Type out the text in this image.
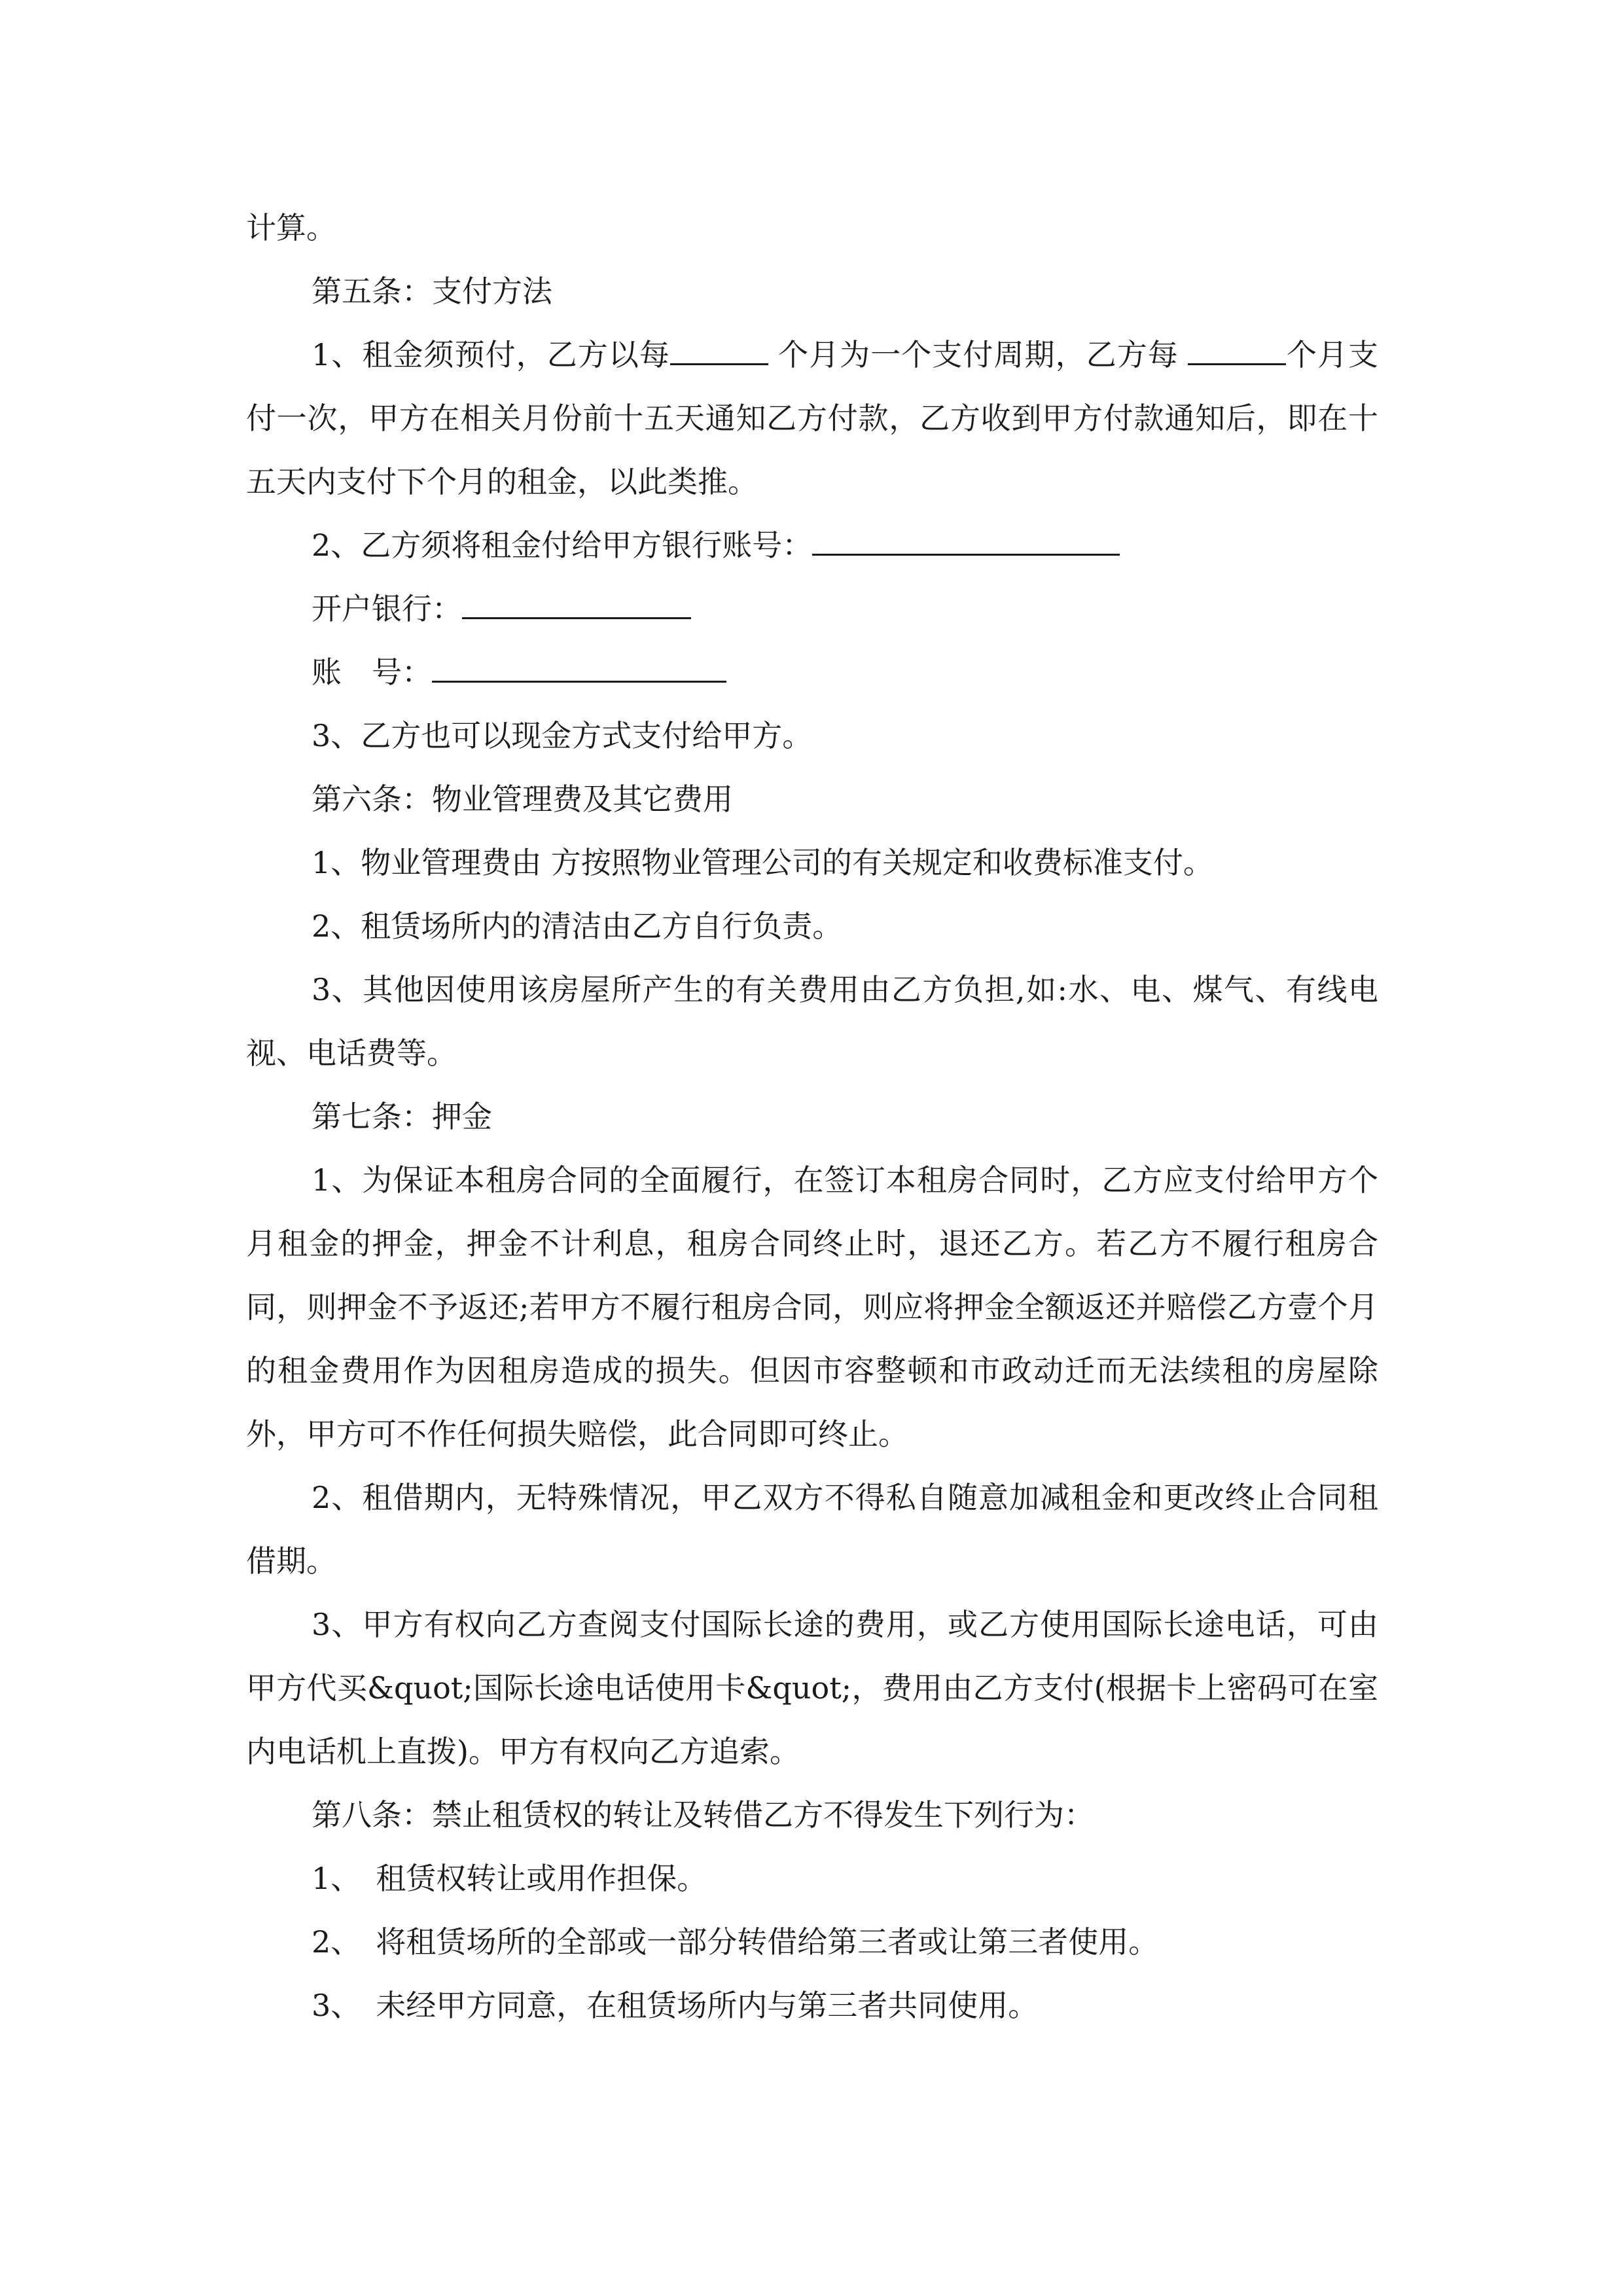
计算。

第五条：支付方法

1、租金须预付，乙方以每	个月为一个支付周期，乙方每	个月支付一次，甲方在相关月份前十五天通知乙方付款，乙方收到甲方付款通知后，即在十五天内支付下个月的租金，以此类推。

2、乙方须将租金付给甲方银行账号：

开户银行：

账　号：

3、乙方也可以现金方式支付给甲方。

第六条：物业管理费及其它费用

1、物业管理费由 方按照物业管理公司的有关规定和收费标准支付。

2、租赁场所内的清洁由乙方自行负责。

3、其他因使用该房屋所产生的有关费用由乙方负担,如:水、电、煤气、有线电视、电话费等。

第七条：押金

1、为保证本租房合同的全面履行，在签订本租房合同时，乙方应支付给甲方个月租金的押金，押金不计利息，租房合同终止时，退还乙方。若乙方不履行租房合同，则押金不予返还;若甲方不履行租房合同，则应将押金全额返还并赔偿乙方壹个月的租金费用作为因租房造成的损失。但因市容整顿和市政动迁而无法续租的房屋除外，甲方可不作任何损失赔偿，此合同即可终止。

2、租借期内，无特殊情况，甲乙双方不得私自随意加减租金和更改终止合同租借期。

3、甲方有权向乙方查阅支付国际长途的费用，或乙方使用国际长途电话，可由甲方代买&quot;国际长途电话使用卡&quot;，费用由乙方支付(根据卡上密码可在室内电话机上直拨)。甲方有权向乙方追索。

第八条：禁止租赁权的转让及转借乙方不得发生下列行为：

1、　租赁权转让或用作担保。

2、　将租赁场所的全部或一部分转借给第三者或让第三者使用。

3、　未经甲方同意，在租赁场所内与第三者共同使用。
